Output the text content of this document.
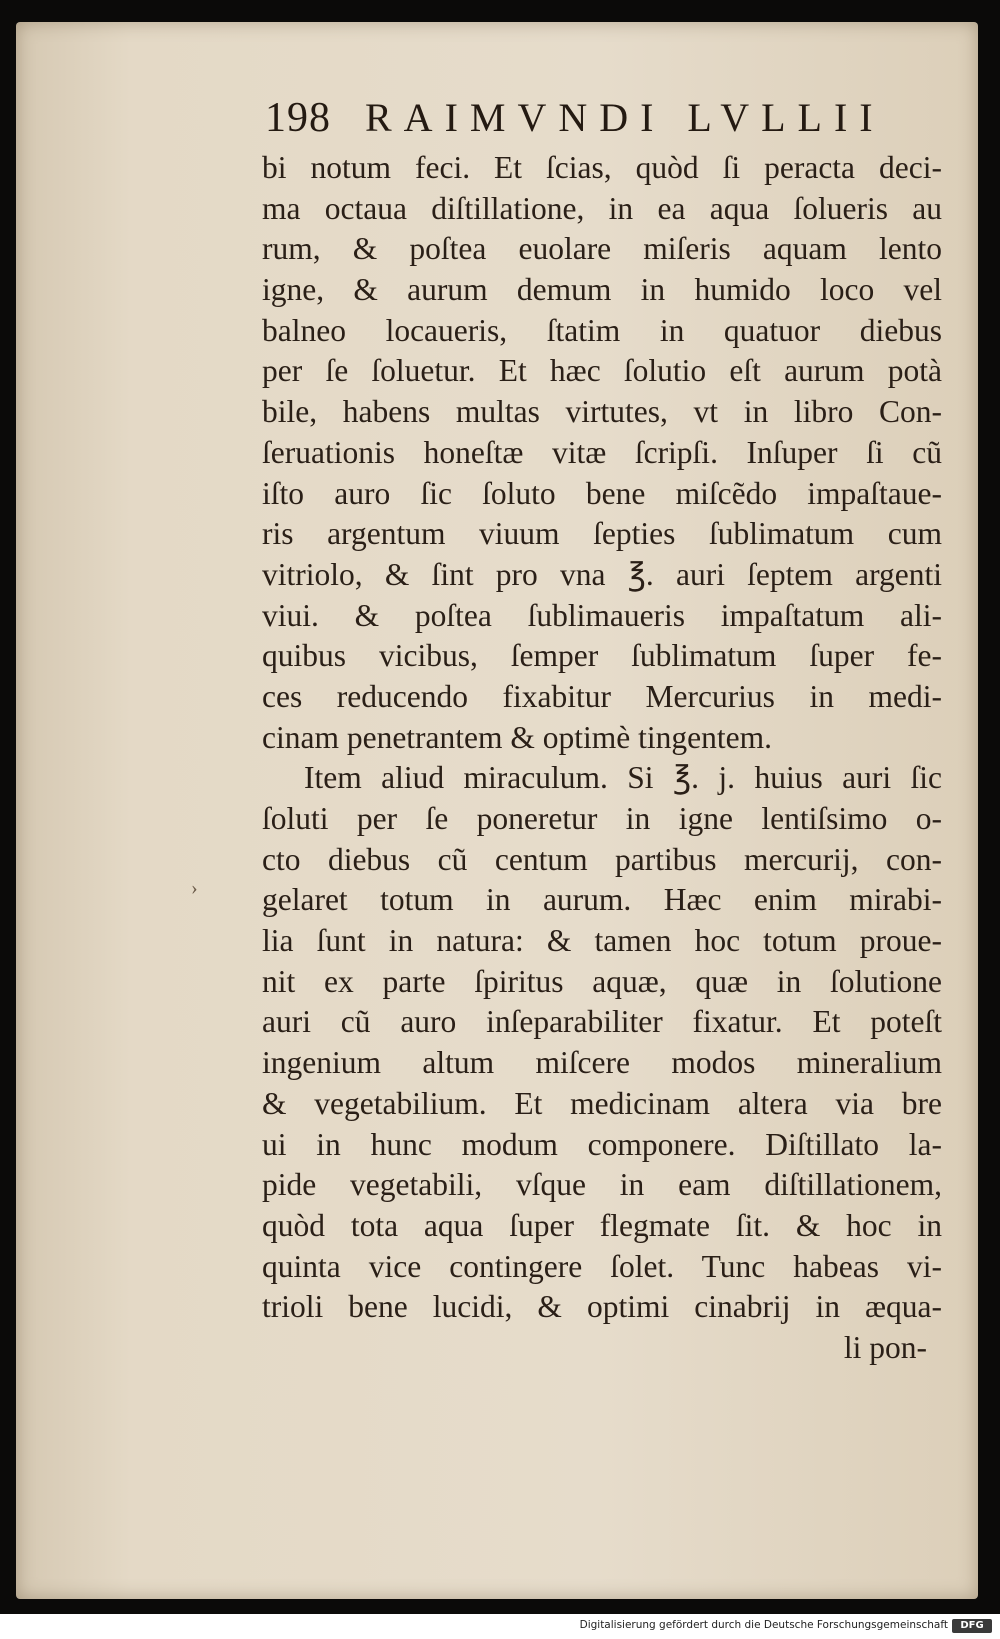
198 RAIMVNDI LVLLII
›
bi notum feci. Et ſcias, quòd ſi peracta deci-
ma octaua diſtillatione, in ea aqua ſolueris au
rum, & poſtea euolare miſeris aquam lento
igne, & aurum demum in humido loco vel
balneo locaueris, ſtatim in quatuor diebus
per ſe ſoluetur. Et hæc ſolutio eſt aurum potà
bile, habens multas virtutes, vt in libro Con-
ſeruationis honeſtæ vitæ ſcripſi. Inſuper ſi cũ
iſto auro ſic ſoluto bene miſcẽdo impaſtaue-
ris argentum viuum ſepties ſublimatum cum
vitriolo, & ſint pro vna ℥. auri ſeptem argenti
viui. & poſtea ſublimaueris impaſtatum ali-
quibus vicibus, ſemper ſublimatum ſuper fe-
ces reducendo fixabitur Mercurius in medi-
cinam penetrantem & optimè tingentem.
Item aliud miraculum. Si ℥. j. huius auri ſic
ſoluti per ſe poneretur in igne lentiſsimo o-
cto diebus cũ centum partibus mercurij, con-
gelaret totum in aurum. Hæc enim mirabi-
lia ſunt in natura: & tamen hoc totum proue-
nit ex parte ſpiritus aquæ, quæ in ſolutione
auri cũ auro inſeparabiliter fixatur. Et poteſt
ingenium altum miſcere modos mineralium
& vegetabilium. Et medicinam altera via bre
ui in hunc modum componere. Diſtillato la-
pide vegetabili, vſque in eam diſtillationem,
quòd tota aqua ſuper flegmate ſit. & hoc in
quinta vice contingere ſolet. Tunc habeas vi-
trioli bene lucidi, & optimi cinabrij in æqua-
li pon-
Digitalisierung gefördert durch die Deutsche Forschungsgemeinschaft	DFG
